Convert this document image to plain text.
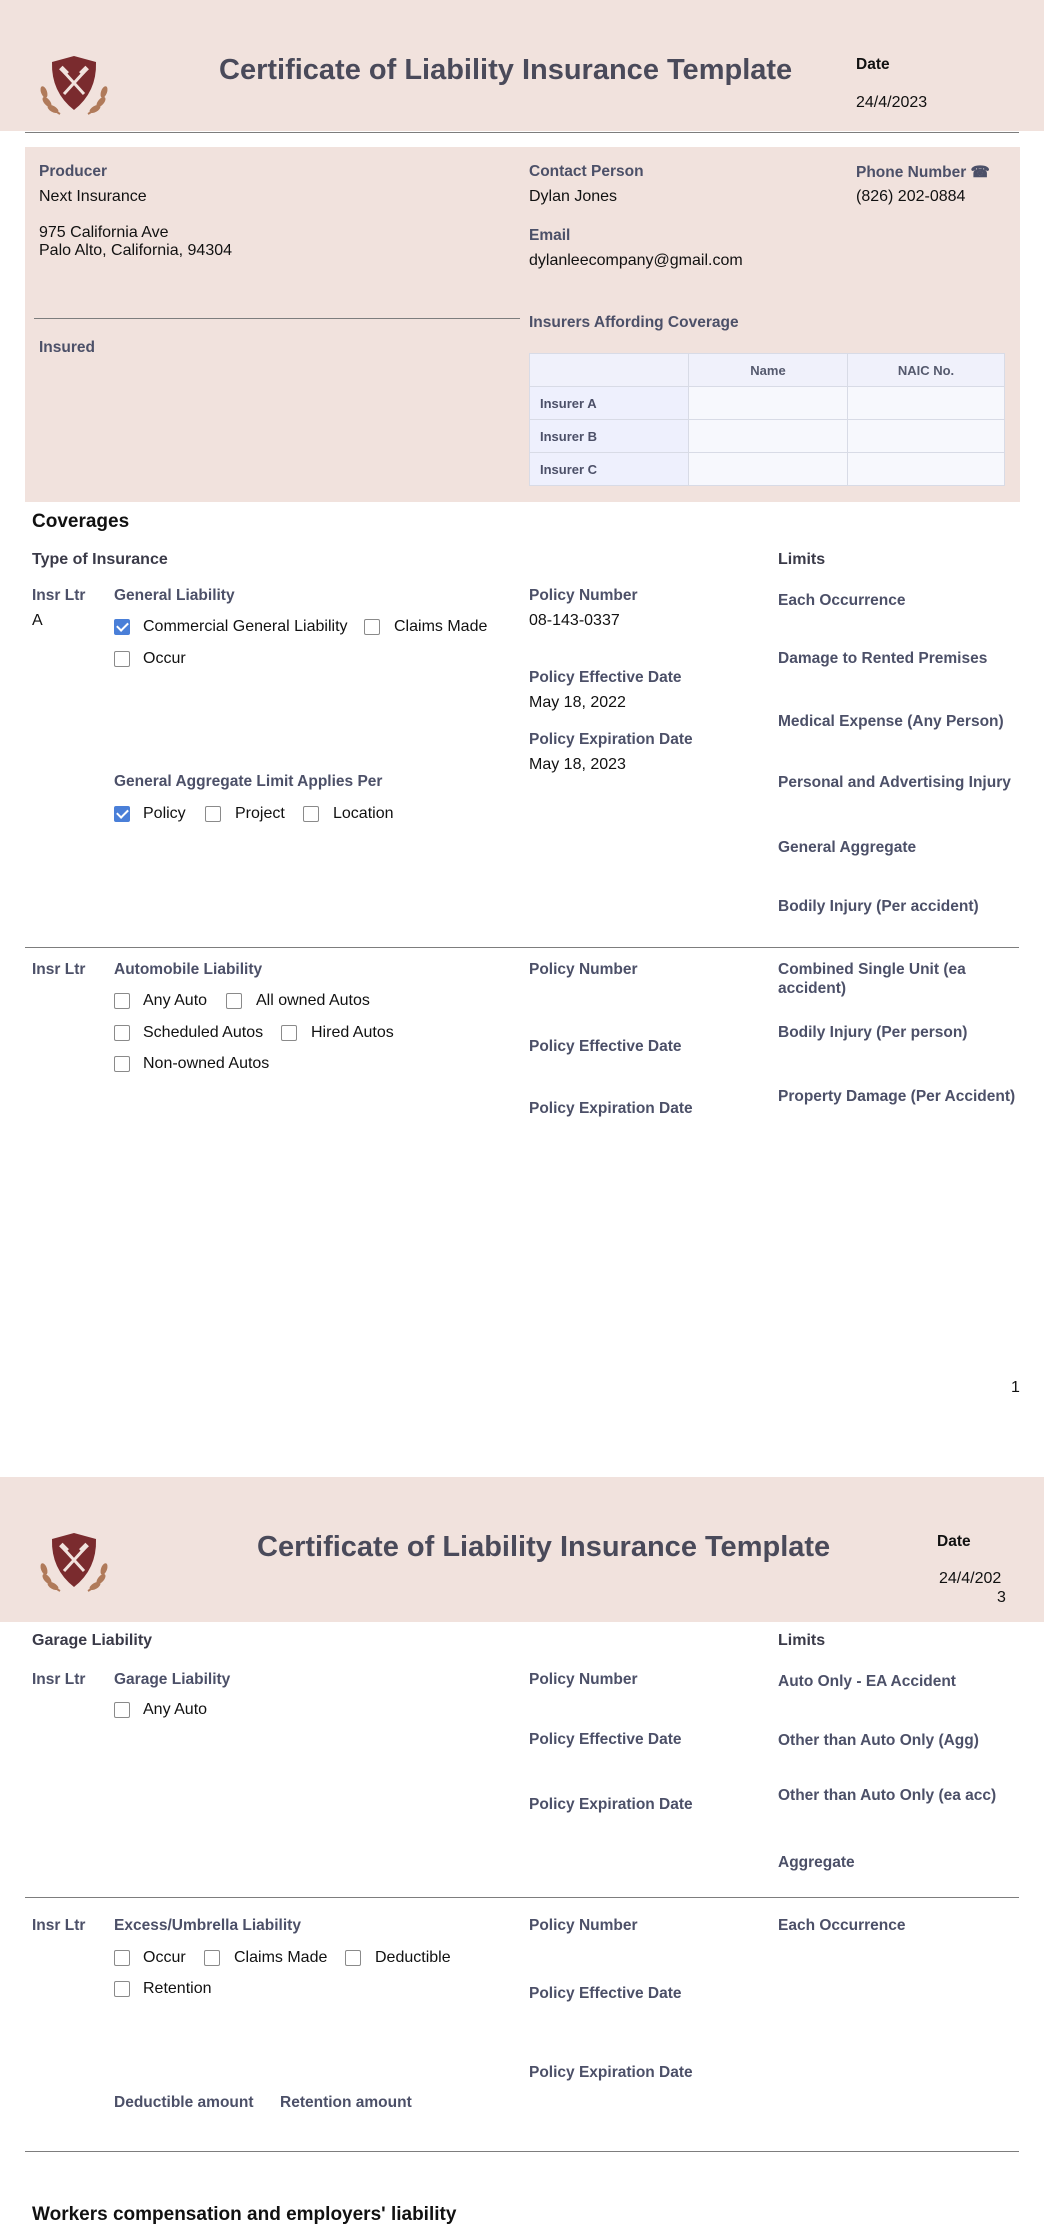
Certificate of Liability Insurance Template	Date
24/4/2023
Producer
Next Insurance
975 California Ave
Palo Alto, California, 94304
Contact Person
Dylan Jones
Email
dylanleecompany@gmail.com
Phone Number ☎
(826) 202-0884
Insured
Insurers Affording Coverage
	Name	NAIC No.
Insurer A		
Insurer B		
Insurer C		
Coverages
Type of Insurance	Limits
Insr Ltr
A
General Liability
Commercial General Liability	Claims Made
Occur
Policy Number
08-143-0337
Policy Effective Date
May 18, 2022
Policy Expiration Date
May 18, 2023
General Aggregate Limit Applies Per
Policy	Project	Location
Each Occurrence
Damage to Rented Premises
Medical Expense (Any Person)
Personal and Advertising Injury
General Aggregate
Bodily Injury (Per accident)
Insr Ltr Automobile Liability
Any Auto	All owned Autos
Scheduled Autos	Hired Autos
Non-owned Autos
Policy Number
Policy Effective Date
Policy Expiration Date
Combined Single Unit (ea
accident)
Bodily Injury (Per person)
Property Damage (Per Accident)
1
Certificate of Liability Insurance Template	Date
24/4/202
3
Garage Liability	Limits
Insr Ltr Garage Liability
Any Auto
Policy Number
Policy Effective Date
Policy Expiration Date
Auto Only - EA Accident
Other than Auto Only (Agg)
Other than Auto Only (ea acc)
Aggregate
Insr Ltr Excess/Umbrella Liability
Occur	Claims Made	Deductible
Retention
Policy Number
Policy Effective Date
Policy Expiration Date
Each Occurrence
Deductible amount Retention amount
Workers compensation and employers' liability
